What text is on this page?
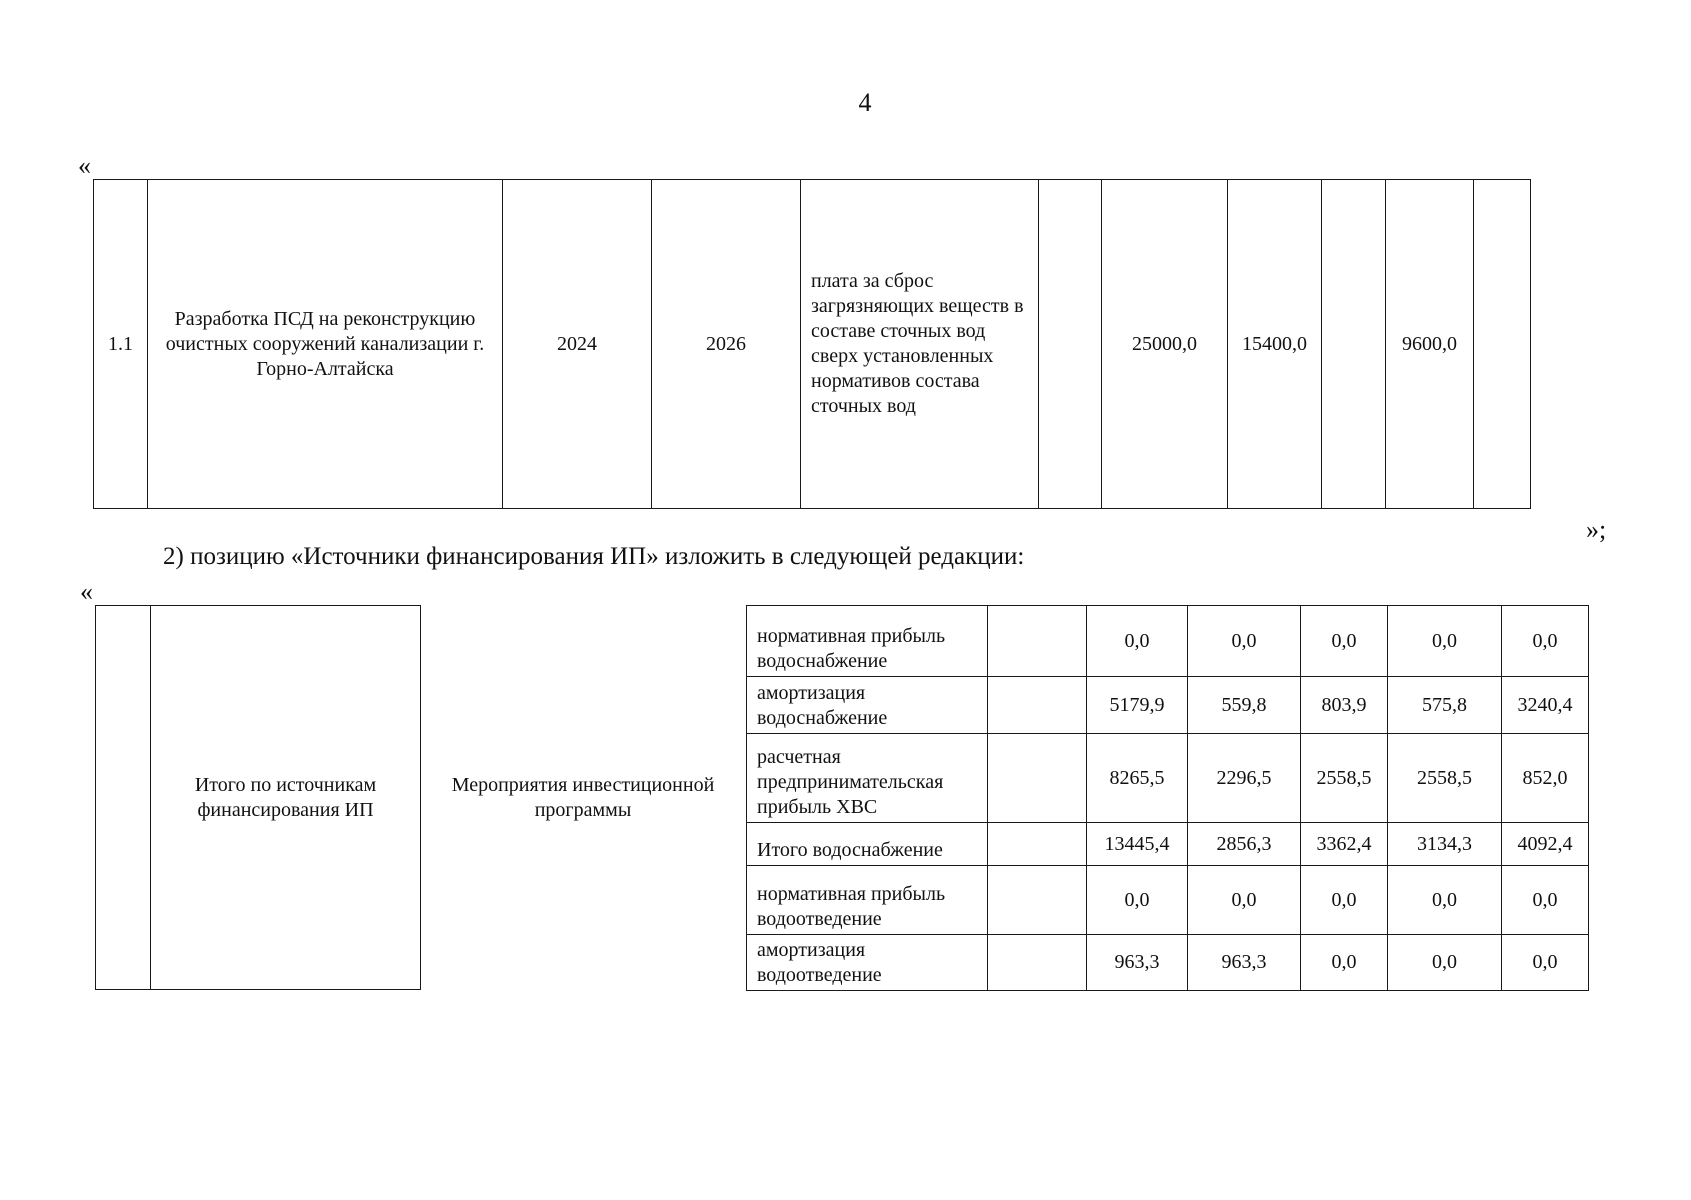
4
«
1.1	Разработка ПСД на реконструкцию очистных сооружений канализации г. Горно-Алтайска	2024	2026	плата за сброс загрязняющих веществ в составе сточных вод сверх установленных нормативов состава сточных вод		25000,0	15400,0		9600,0	
»;
2) позицию «Источники финансирования ИП» изложить в следующей редакции:
«
	Итого по источникам финансирования ИП
Мероприятия инвестиционной программы
нормативная прибыль водоснабжение		0,0	0,0	0,0	0,0	0,0
амортизация водоснабжение		5179,9	559,8	803,9	575,8	3240,4
расчетная предпринимательская прибыль ХВС		8265,5	2296,5	2558,5	2558,5	852,0
Итого водоснабжение		13445,4	2856,3	3362,4	3134,3	4092,4
нормативная прибыль водоотведение		0,0	0,0	0,0	0,0	0,0
амортизация водоотведение		963,3	963,3	0,0	0,0	0,0
